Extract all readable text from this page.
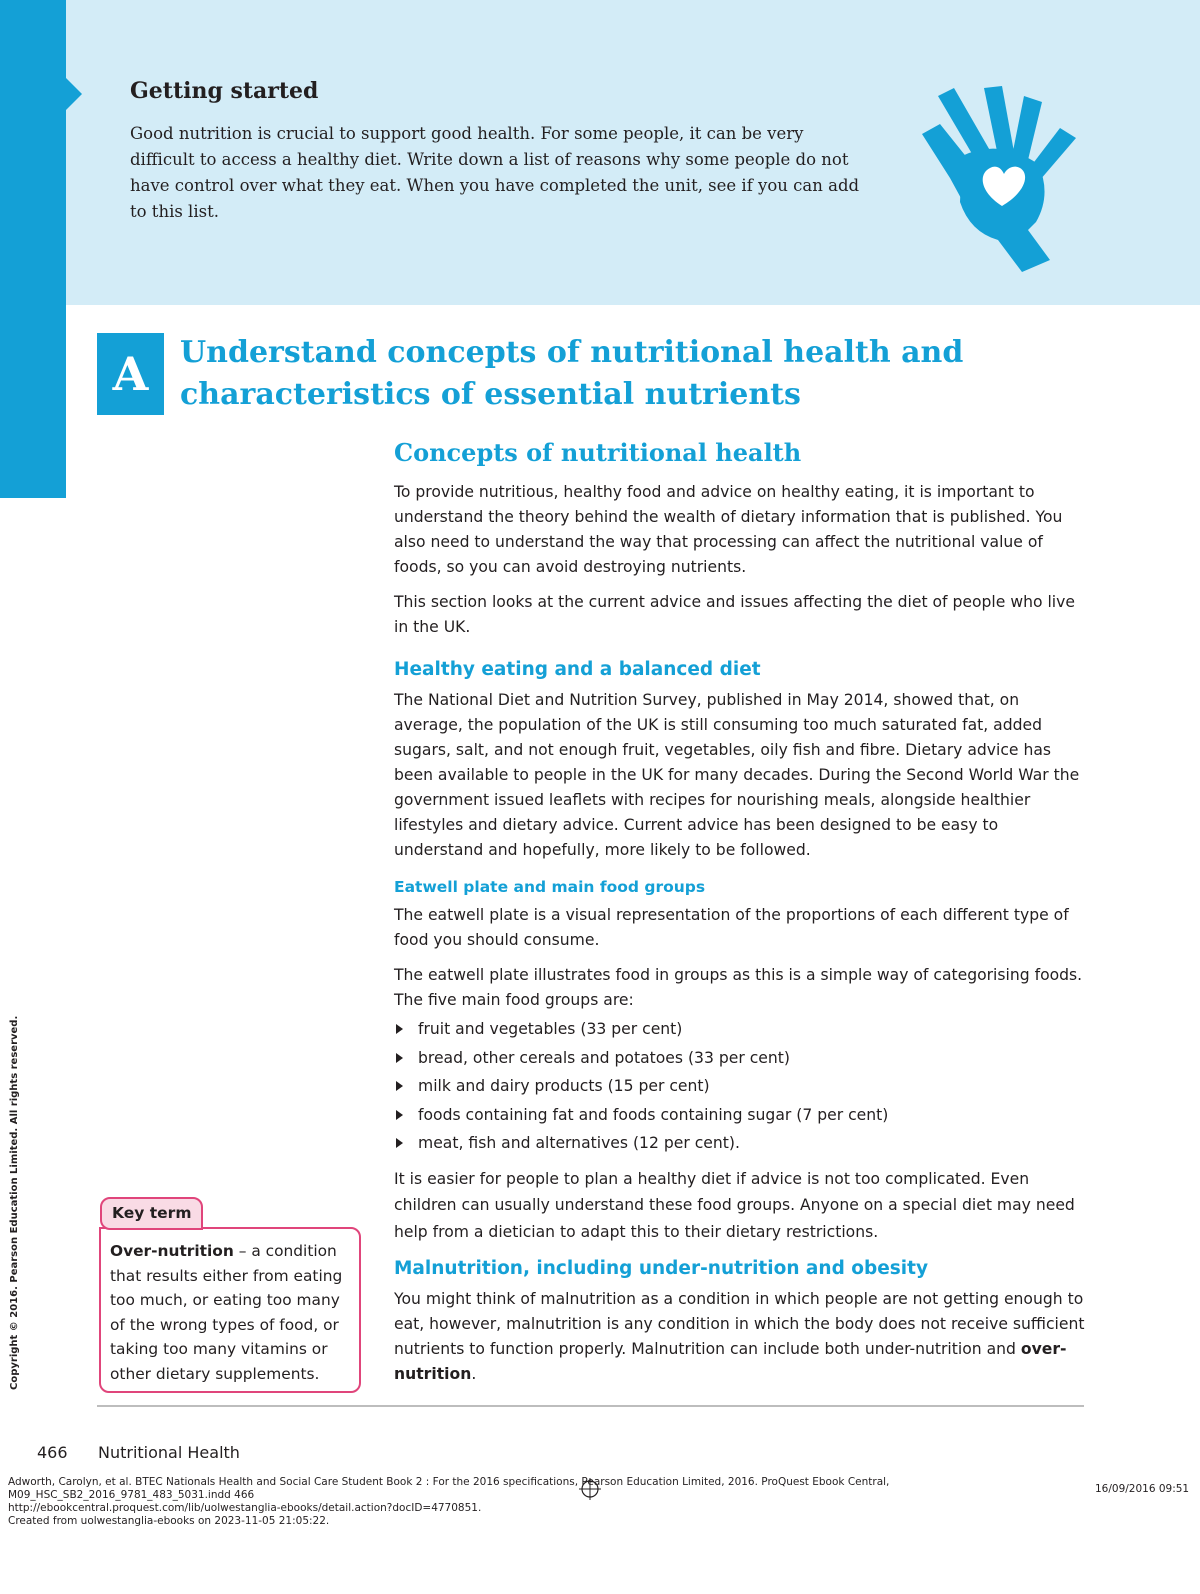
Getting started
Good nutrition is crucial to support good health. For some people, it can be very difficult to access a healthy diet. Write down a list of reasons why some people do not have control over what they eat. When you have completed the unit, see if you can add to this list.
A	Understand concepts of nutritional health and
characteristics of essential nutrients
Concepts of nutritional health
To provide nutritious, healthy food and advice on healthy eating, it is important to understand the theory behind the wealth of dietary information that is published. You also need to understand the way that processing can affect the nutritional value of foods, so you can avoid destroying nutrients.
This section looks at the current advice and issues affecting the diet of people who live in the UK.
Healthy eating and a balanced diet
The National Diet and Nutrition Survey, published in May 2014, showed that, on average, the population of the UK is still consuming too much saturated fat, added sugars, salt, and not enough fruit, vegetables, oily fish and fibre. Dietary advice has been available to people in the UK for many decades. During the Second World War the government issued leaflets with recipes for nourishing meals, alongside healthier lifestyles and dietary advice. Current advice has been designed to be easy to understand and hopefully, more likely to be followed.
Eatwell plate and main food groups
The eatwell plate is a visual representation of the proportions of each different type of food you should consume.
The eatwell plate illustrates food in groups as this is a simple way of categorising foods. The five main food groups are:
fruit and vegetables (33 per cent)
bread, other cereals and potatoes (33 per cent)
milk and dairy products (15 per cent)
foods containing fat and foods containing sugar (7 per cent)
meat, fish and alternatives (12 per cent).
It is easier for people to plan a healthy diet if advice is not too complicated. Even children can usually understand these food groups. Anyone on a special diet may need help from a dietician to adapt this to their dietary restrictions.
Malnutrition, including under-nutrition and obesity
You might think of malnutrition as a condition in which people are not getting enough to eat, however, malnutrition is any condition in which the body does not receive sufficient nutrients to function properly. Malnutrition can include both under-nutrition and over-nutrition.
Key term
Over-nutrition – a condition that results either from eating too much, or eating too many of the wrong types of food, or taking too many vitamins or other dietary supplements.
466 Nutritional Health
Copyright © 2016. Pearson Education Limited. All rights reserved.
Adworth, Carolyn, et al. BTEC Nationals Health and Social Care Student Book 2 : For the 2016 specifications, Pearson Education Limited, 2016. ProQuest Ebook Central,
M09_HSC_SB2_2016_9781_483_5031.indd 466
http://ebookcentral.proquest.com/lib/uolwestanglia-ebooks/detail.action?docID=4770851.
Created from uolwestanglia-ebooks on 2023-11-05 21:05:22.
16/09/2016 09:51
